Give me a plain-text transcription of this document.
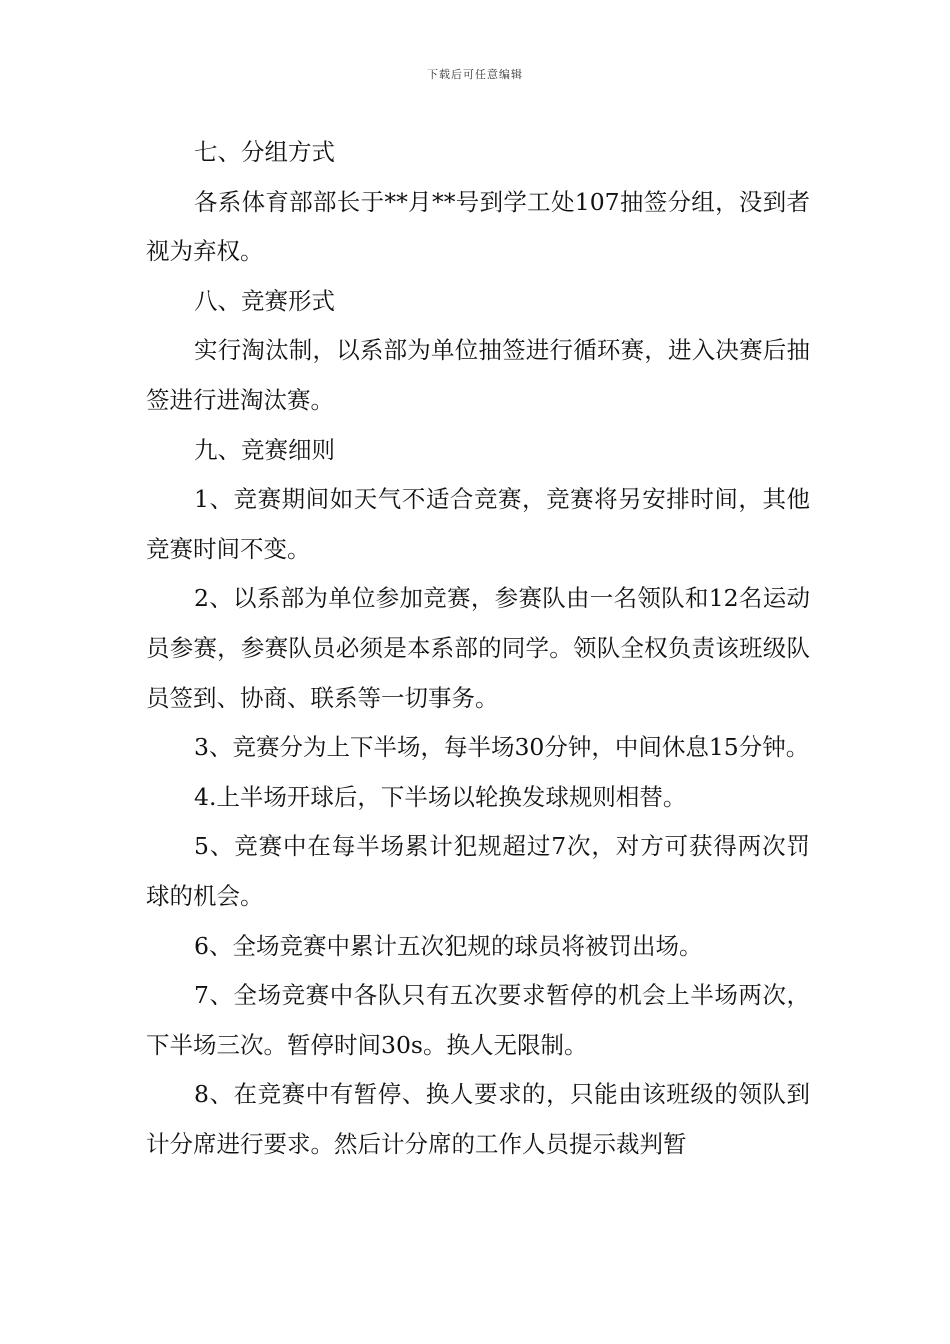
下载后可任意编辑

七、分组方式

各系体育部部长于**月**号到学工处107抽签分组，没到者视为弃权。

八、竞赛形式

实行淘汰制，以系部为单位抽签进行循环赛，进入决赛后抽签进行进淘汰赛。

九、竞赛细则

1、竞赛期间如天气不适合竞赛，竞赛将另安排时间，其他竞赛时间不变。

2、以系部为单位参加竞赛，参赛队由一名领队和12名运动员参赛，参赛队员必须是本系部的同学。领队全权负责该班级队员签到、协商、联系等一切事务。

3、竞赛分为上下半场，每半场30分钟，中间休息15分钟。

4.上半场开球后，下半场以轮换发球规则相替。

5、竞赛中在每半场累计犯规超过7次，对方可获得两次罚球的机会。

6、全场竞赛中累计五次犯规的球员将被罚出场。

7、全场竞赛中各队只有五次要求暂停的机会上半场两次，下半场三次。暂停时间30s。换人无限制。

8、在竞赛中有暂停、换人要求的，只能由该班级的领队到计分席进行要求。然后计分席的工作人员提示裁判暂
